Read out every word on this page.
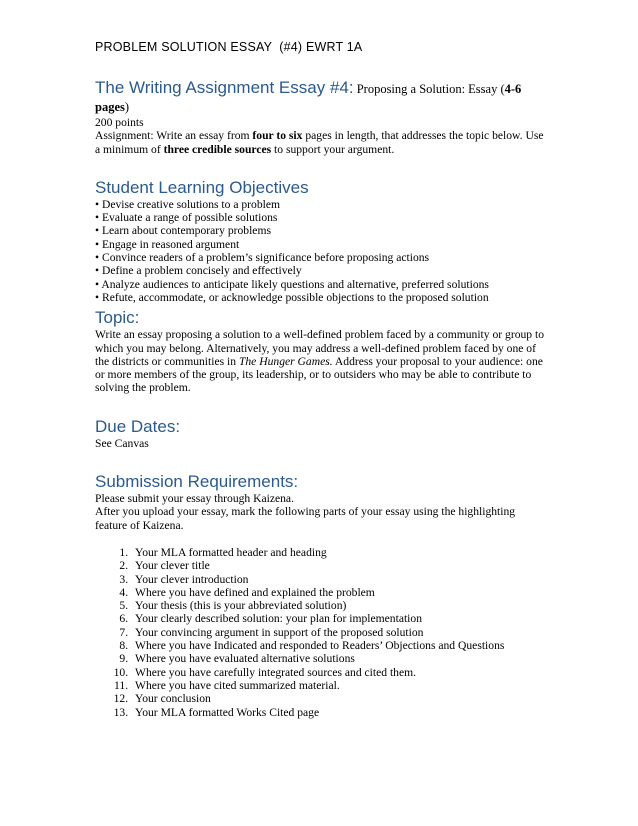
PROBLEM SOLUTION ESSAY  (#4) EWRT 1A
The Writing Assignment Essay #4: Proposing a Solution: Essay (4-6 pages)

200 points

Assignment: Write an essay from four to six pages in length, that addresses the topic below. Use a minimum of three credible sources to support your argument.

Student Learning Objectives
• Devise creative solutions to a problem
• Evaluate a range of possible solutions
• Learn about contemporary problems
• Engage in reasoned argument
• Convince readers of a problem’s significance before proposing actions
• Define a problem concisely and effectively
• Analyze audiences to anticipate likely questions and alternative, preferred solutions
• Refute, accommodate, or acknowledge possible objections to the proposed solution
Topic:

Write an essay proposing a solution to a well-defined problem faced by a community or group to which you may belong. Alternatively, you may address a well-defined problem faced by one of the districts or communities in The Hunger Games. Address your proposal to your audience: one or more members of the group, its leadership, or to outsiders who may be able to contribute to solving the problem.

Due Dates:

See Canvas

Submission Requirements:

Please submit your essay through Kaizena.

After you upload your essay, mark the following parts of your essay using the highlighting feature of Kaizena.

1. Your MLA formatted header and heading
2. Your clever title
3. Your clever introduction
4. Where you have defined and explained the problem
5. Your thesis (this is your abbreviated solution)
6. Your clearly described solution: your plan for implementation
7. Your convincing argument in support of the proposed solution
8. Where you have Indicated and responded to Readers’ Objections and Questions
9. Where you have evaluated alternative solutions
10. Where you have carefully integrated sources and cited them.
11. Where you have cited summarized material.
12. Your conclusion
13. Your MLA formatted Works Cited page
